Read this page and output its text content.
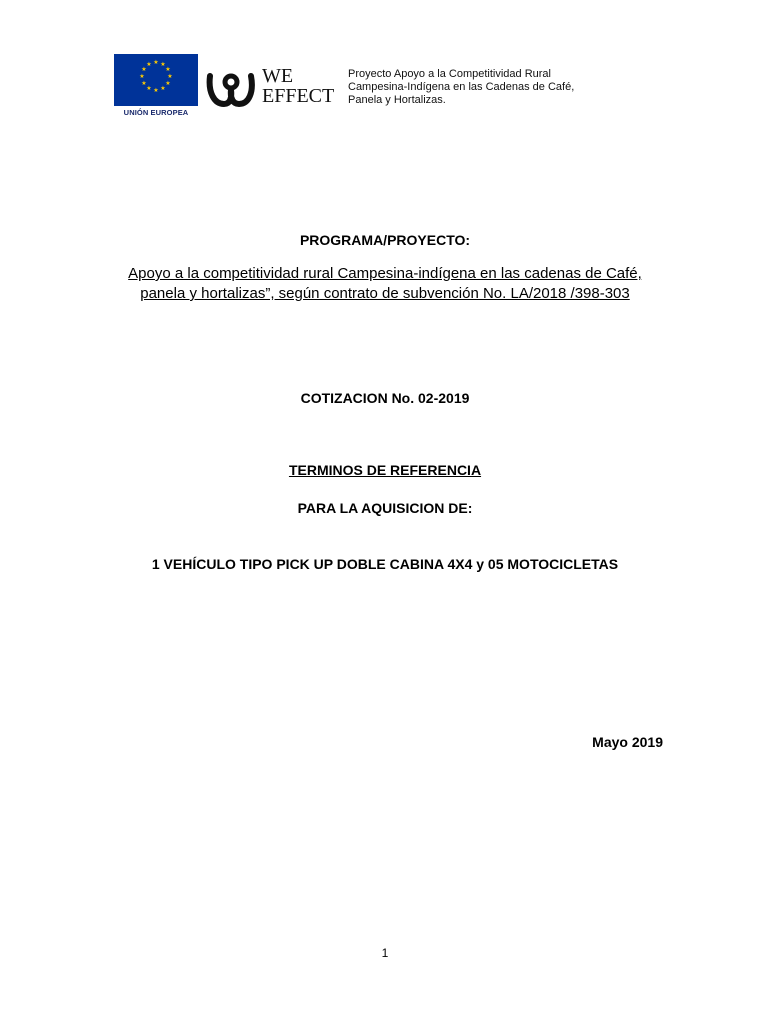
★ ★
★
★
★
★
★
★
★
★
★
★
UNIÓN EUROPEA
WE
EFFECT
Proyecto Apoyo a la Competitividad Rural
Campesina-Indígena en las Cadenas de Café,
Panela y Hortalizas.
PROGRAMA/PROYECTO:
Apoyo a la competitividad rural Campesina-indígena en las cadenas de Café,
panela y hortalizas”, según contrato de subvención No. LA/2018 /398-303
COTIZACION No. 02-2019
TERMINOS DE REFERENCIA
PARA LA AQUISICION DE:
1 VEHÍCULO TIPO PICK UP DOBLE CABINA 4X4 y 05 MOTOCICLETAS
Mayo 2019
1
